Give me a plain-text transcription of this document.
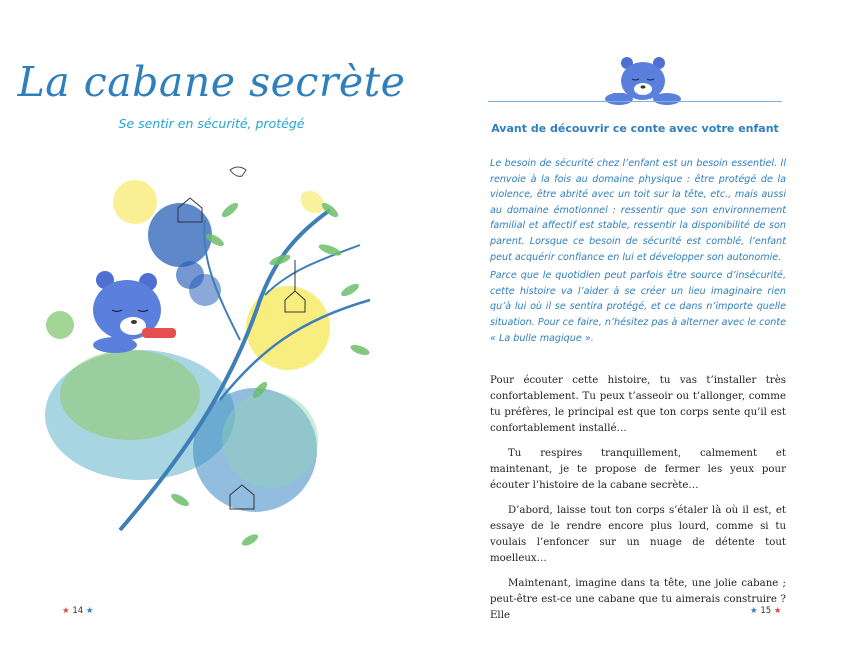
La cabane secrète
Se sentir en sécurité, protégé
★ 14 ★
Avant de découvrir ce conte avec votre enfant

Le besoin de sécurité chez l’enfant est un besoin essentiel. Il renvoie à la fois au domaine physique : être protégé de la violence, être abrité avec un toit sur la tête, etc., mais aussi au domaine émotionnel : ressentir que son environnement familial et affectif est stable, ressentir la disponibilité de son parent. Lorsque ce besoin de sécurité est comblé, l’enfant peut acquérir confiance en lui et développer son autonomie.

Parce que le quotidien peut parfois être source d’insécurité, cette histoire va l’aider à se créer un lieu imaginaire rien qu’à lui où il se sentira protégé, et ce dans n’importe quelle situation. Pour ce faire, n’hésitez pas à alterner avec le conte « La bulle magique ».

Pour écouter cette histoire, tu vas t’installer très confortablement. Tu peux t’asseoir ou t’allonger, comme tu préfères, le principal est que ton corps sente qu’il est confortablement installé…

Tu respires tranquillement, calmement et maintenant, je te propose de fermer les yeux pour écouter l’histoire de la cabane secrète…

D’abord, laisse tout ton corps s’étaler là où il est, et essaye de le rendre encore plus lourd, comme si tu voulais l’enfoncer sur un nuage de détente tout moelleux…

Maintenant, imagine dans ta tête, une jolie cabane ; peut-être est-ce une cabane que tu aimerais construire ? Elle	★ 15 ★
